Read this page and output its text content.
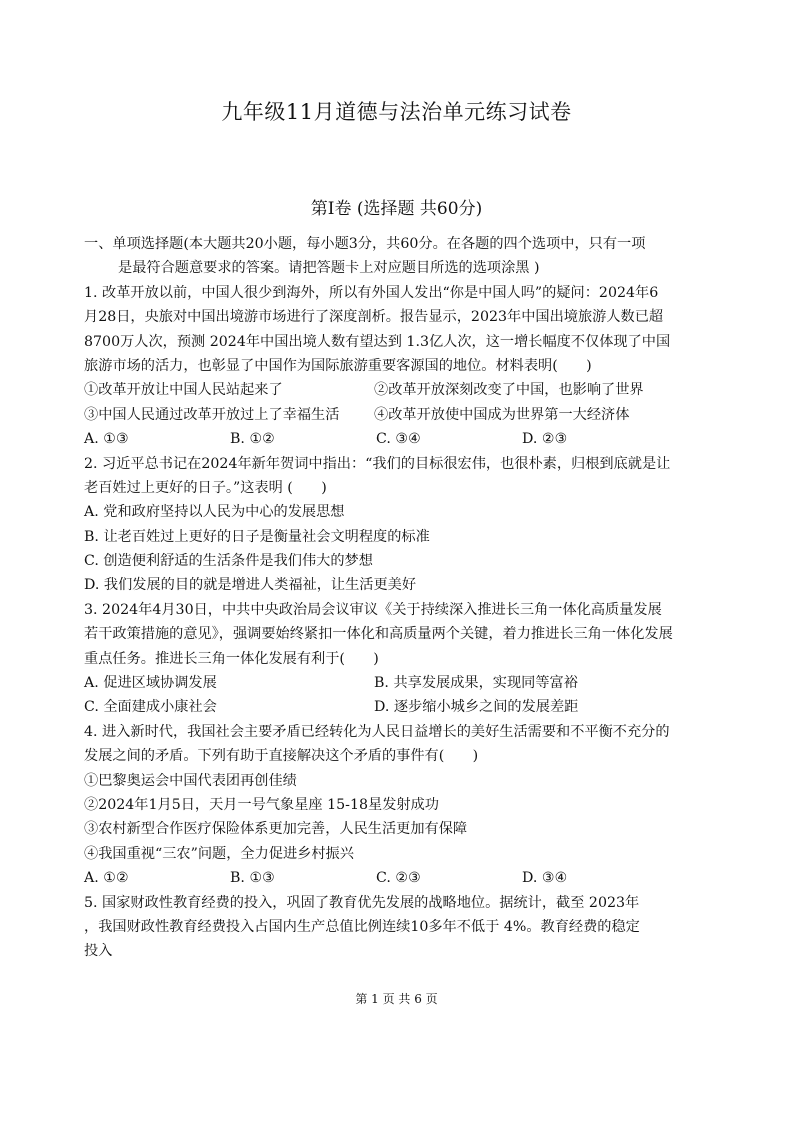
九年级11月道德与法治单元练习试卷
第Ⅰ卷 (选择题 共60分)
一、单项选择题(本大题共20小题，每小题3分，共60分。在各题的四个选项中，只有一项
是最符合题意要求的答案。请把答题卡上对应题目所选的选项涂黑 )
1. 改革开放以前，中国人很少到海外，所以有外国人发出“你是中国人吗”的疑问：2024年6
月28日，央旅对中国出境游市场进行了深度剖析。报告显示，2023年中国出境旅游人数已超
8700万人次，预测 2024年中国出境人数有望达到 1.3亿人次，这一增长幅度不仅体现了中国
旅游市场的活力，也彰显了中国作为国际旅游重要客源国的地位。材料表明(　　)
①改革开放让中国人民站起来了	②改革开放深刻改变了中国，也影响了世界
③中国人民通过改革开放过上了幸福生活	④改革开放使中国成为世界第一大经济体
A. ①③	B. ①②	C. ③④	D. ②③
2. 习近平总书记在2024年新年贺词中指出：“我们的目标很宏伟，也很朴素，归根到底就是让
老百姓过上更好的日子。”这表明 (　　)
A. 党和政府坚持以人民为中心的发展思想
B. 让老百姓过上更好的日子是衡量社会文明程度的标准
C. 创造便利舒适的生活条件是我们伟大的梦想
D. 我们发展的目的就是增进人类福祉，让生活更美好
3. 2024年4月30日，中共中央政治局会议审议《关于持续深入推进长三角一体化高质量发展
若干政策措施的意见》，强调要始终紧扣一体化和高质量两个关键，着力推进长三角一体化发展
重点任务。推进长三角一体化发展有利于(　　)
A. 促进区域协调发展	B. 共享发展成果，实现同等富裕
C. 全面建成小康社会	D. 逐步缩小城乡之间的发展差距
4. 进入新时代，我国社会主要矛盾已经转化为人民日益增长的美好生活需要和不平衡不充分的
发展之间的矛盾。下列有助于直接解决这个矛盾的事件有(　　)
①巴黎奥运会中国代表团再创佳绩
②2024年1月5日，天月一号气象星座 15-18星发射成功
③农村新型合作医疗保险体系更加完善，人民生活更加有保障
④我国重视“三农”问题，全力促进乡村振兴
A. ①②	B. ①③	C. ②③	D. ③④
5. 国家财政性教育经费的投入，巩固了教育优先发展的战略地位。据统计，截至 2023年
，我国财政性教育经费投入占国内生产总值比例连续10多年不低于 4%。教育经费的稳定
投入
第 1 页 共 6 页
